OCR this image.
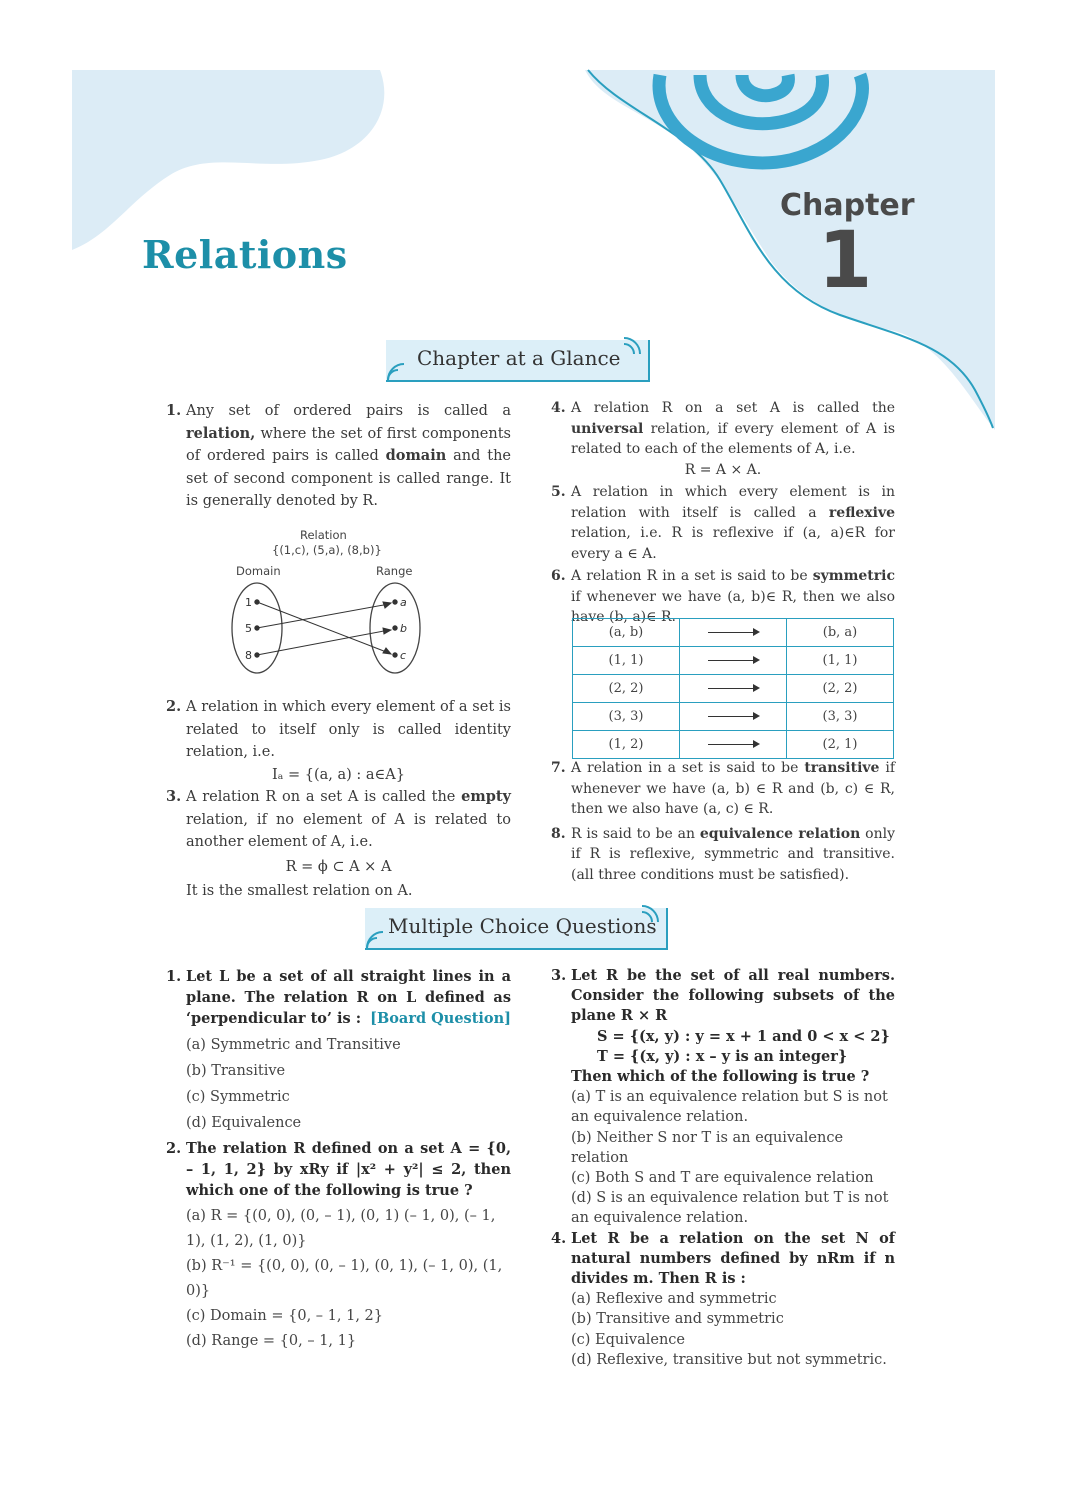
Relations
Chapter
1
Chapter at a Glance

1. Any set of ordered pairs is called a relation, where the set of first components of ordered pairs is called domain and the set of second component is called range. It is generally denoted by R.

Relation
{(1,c), (5,a), (8,b)}
Domain	Range
1
5
8
a
b
c

2. A relation in which every element of a set is related to itself only is called identity relation, i.e.

Iₐ = {(a, a) : a∈A}

3. A relation R on a set A is called the empty relation, if no element of A is related to another element of A, i.e.

R = ϕ ⊂ A × A

It is the smallest relation on A.

4. A relation R on a set A is called the universal relation, if every element of A is related to each of the elements of A, i.e.

R = A × A.

5. A relation in which every element is in relation with itself is called a reflexive relation, i.e. R is reflexive if (a, a)∈R for every a ∈ A.

6. A relation R in a set is said to be symmetric if whenever we have (a, b)∈ R, then we also have (b, a)∈ R.

(a, b)		(b, a)
(1, 1)		(1, 1)
(2, 2)		(2, 2)
(3, 3)		(3, 3)
(1, 2)		(2, 1)

7. A relation in a set is said to be transitive if whenever we have (a, b) ∈ R and (b, c) ∈ R, then we also have (a, c) ∈ R.

8. R is said to be an equivalence relation only if R is reflexive, symmetric and transitive. (all three conditions must be satisfied).

Multiple Choice Questions

1. Let L be a set of all straight lines in a plane. The relation R on L defined as ‘perpendicular to’ is : [Board Question]

(a) Symmetric and Transitive
(b) Transitive
(c) Symmetric
(d) Equivalence

2. The relation R defined on a set A = {0, – 1, 1, 2} by xRy if |x² + y²| ≤ 2, then which one of the following is true ?

(a) R = {(0, 0), (0, – 1), (0, 1) (– 1, 0), (– 1, 1), (1, 2), (1, 0)}
(b) R⁻¹ = {(0, 0), (0, – 1), (0, 1), (– 1, 0), (1, 0)}
(c) Domain = {0, – 1, 1, 2}
(d) Range = {0, – 1, 1}

3. Let R be the set of all real numbers. Consider the following subsets of the plane R × R

S = {(x, y) : y = x + 1 and 0 < x < 2}
T = {(x, y) : x – y is an integer}
Then which of the following is true ?
(a) T is an equivalence relation but S is not an equivalence relation.
(b) Neither S nor T is an equivalence relation
(c) Both S and T are equivalence relation
(d) S is an equivalence relation but T is not an equivalence relation.

4. Let R be a relation on the set N of natural numbers defined by nRm if n divides m. Then R is :

(a) Reflexive and symmetric
(b) Transitive and symmetric
(c) Equivalence
(d) Reflexive, transitive but not symmetric.
